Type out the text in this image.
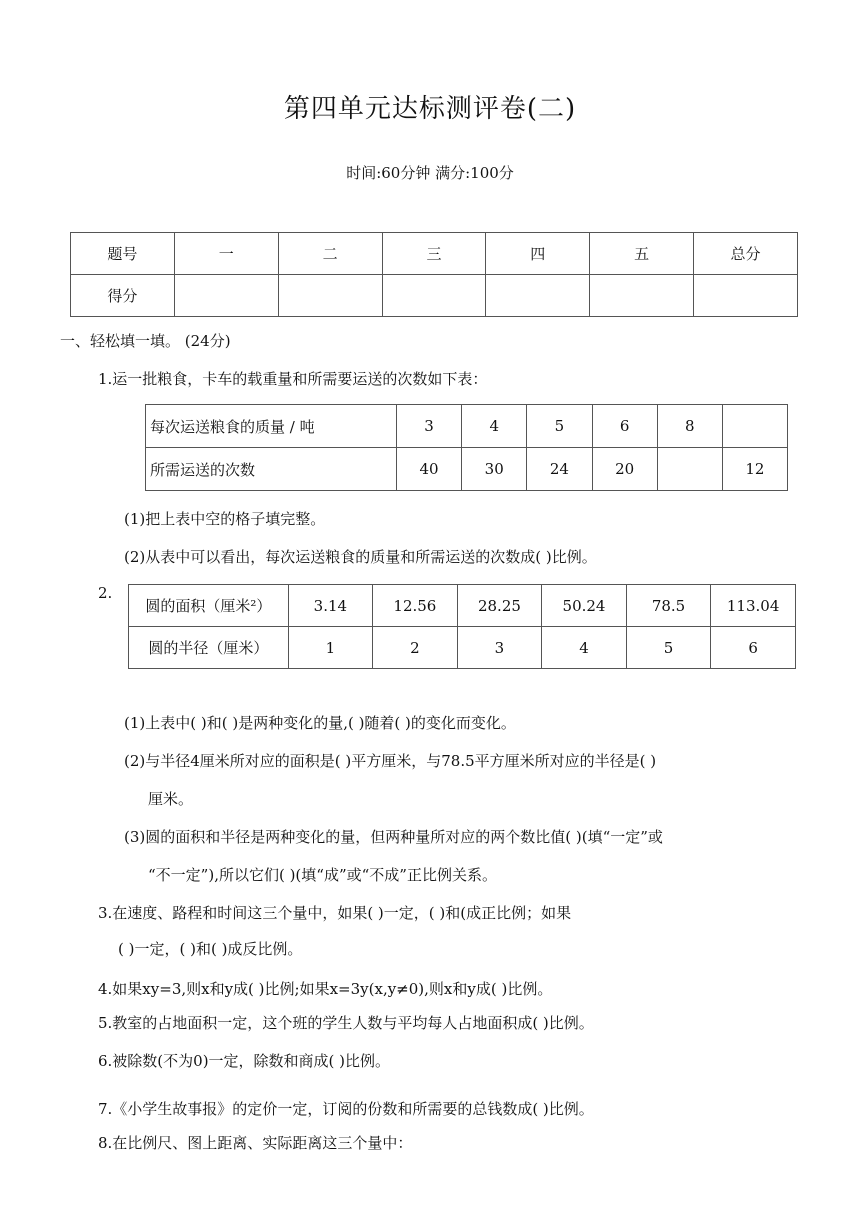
第四单元达标测评卷(二)
时间:60分钟 满分:100分
题号	一	二	三	四	五	总分
得分						
一、轻松填一填。 (24分)
1.运一批粮食，卡车的载重量和所需要运送的次数如下表：
每次运送粮食的质量 / 吨	3	4	5	6	8	
所需运送的次数	40	30	24	20		12
(1)把上表中空的格子填完整。
(2)从表中可以看出，每次运送粮食的质量和所需运送的次数成( )比例。
2.
圆的面积（厘米²）	3.14	12.56	28.25	50.24	78.5	113.04
圆的半径（厘米）	1	2	3	4	5	6
(1)上表中( )和( )是两种变化的量,( )随着( )的变化而变化。
(2)与半径4厘米所对应的面积是( )平方厘米，与78.5平方厘米所对应的半径是( )
厘米。
(3)圆的面积和半径是两种变化的量，但两种量所对应的两个数比值( )(填“一定”或
“不一定”),所以它们( )(填“成”或“不成”正比例关系。
3.在速度、路程和时间这三个量中，如果( )一定，( )和(成正比例；如果
( )一定，( )和( )成反比例。
4.如果xy=3,则x和y成( )比例;如果x=3y(x,y≠0),则x和y成( )比例。
5.教室的占地面积一定，这个班的学生人数与平均每人占地面积成( )比例。
6.被除数(不为0)一定，除数和商成( )比例。
7.《小学生故事报》的定价一定，订阅的份数和所需要的总钱数成( )比例。
8.在比例尺、图上距离、实际距离这三个量中：
